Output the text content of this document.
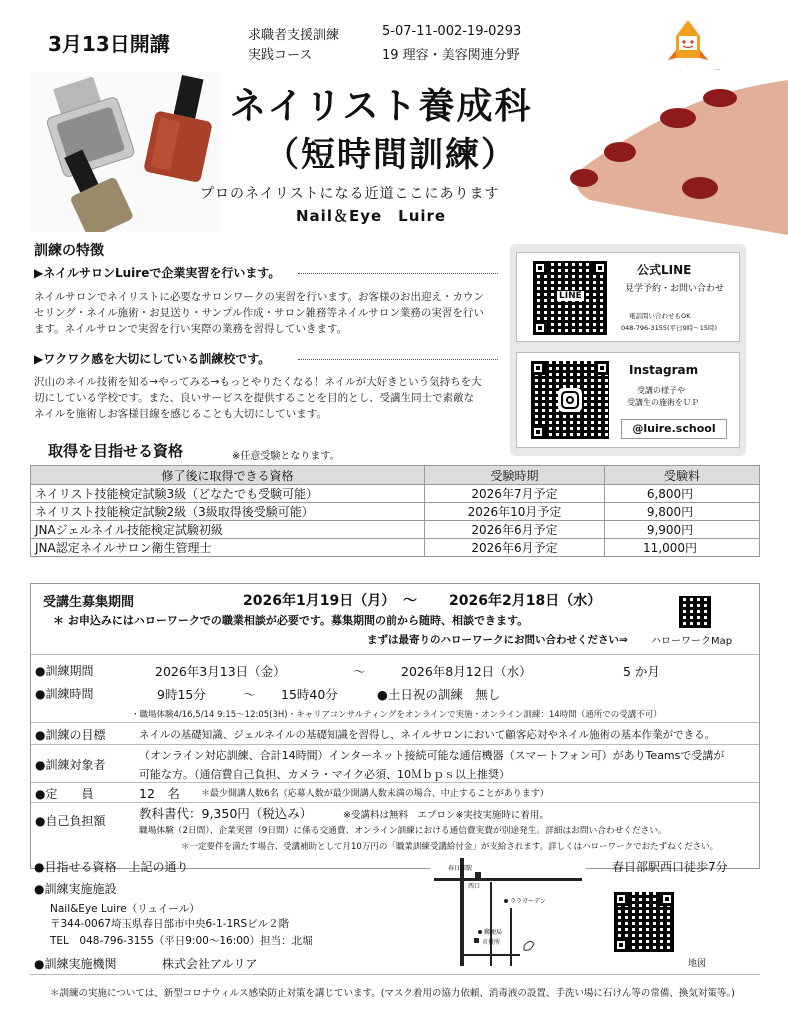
3月13日開講	求職者支援訓練	5-07-11-002-19-0293
実践コース	19 理容・美容関連分野
ネイリスト養成科
（短時間訓練）
プロのネイリストになる近道ここにあります
Nail＆Eye　Luire
訓練の特徴
▶ネイルサロンLuireで企業実習を行います。
ネイルサロンでネイリストに必要なサロンワークの実習を行います。お客様のお出迎え・カウン
セリング・ネイル施術・お見送り・サンプル作成・サロン雑務等ネイルサロン業務の実習を行い
ます。ネイルサロンで実習を行い実際の業務を習得していきます。
▶ワクワク感を大切にしている訓練校です。
沢山のネイル技術を知る→やってみる→もっとやりたくなる！ネイルが大好きという気持ちを大
切にしている学校です。また、良いサービスを提供することを目的とし、受講生同士で素敵な
ネイルを施術しお客様目線を感じることも大切にしています。
取得を目指せる資格	※任意受験となります。
LINE
公式LINE
見学予約・お問い合わせ
電話問い合わせもOK
048-796-3155(平日9時〜15時)
Instagram
受講の様子や
受講生の施術をＵＰ
@luire.school
修了後に取得できる資格	受験時期	受験料
ネイリスト技能検定試験3級（どなたでも受験可能）	2026年7月予定	6,800円
ネイリスト技能検定試験2級（3級取得後受験可能）	2026年10月予定	9,800円
JNAジェルネイル技能検定試験初級	2026年6月予定	9,900円
JNA認定ネイルサロン衛生管理士	2026年6月予定	11,000円
受講生募集期間	2026年1月19日（月） 〜 2026年2月18日（水）
＊ お申込みにはハローワークでの職業相談が必要です。募集期間の前から随時、相談できます。
まずは最寄りのハローワークにお問い合わせください⇒ ハローワークMap
●訓練期間	2026年3月13日（金）	〜	2026年8月12日（水）	5 か月
●訓練時間	9時15分	〜 15時40分	●土日祝の訓練　無し
・職場体験4/16,5/14 9:15〜12:05(3H)・キャリアコンサルティングをオンラインで実施・オンライン訓練：14時間（通所での受講不可）
●訓練の目標	ネイルの基礎知識、ジェルネイルの基礎知識を習得し、ネイルサロンにおいて顧客応対やネイル施術の基本作業ができる。
●訓練対象者
（オンライン対応訓練、合計14時間）インターネット接続可能な通信機器（スマートフォン可）がありTeamsで受講が
可能な方。（通信費自己負担、カメラ・マイク必須、10Ｍｂｐｓ以上推奨）
●定　　員	12　名 ＊最少開講人数6名（応募人数が最少開講人数未満の場合、中止することがあります）
●自己負担額	教科書代：9,350円（税込み）	※受講料は無料　エプロン※実技実施時に着用。
職場体験（2日間）、企業実習（9日間）に係る交通費、オンライン訓練における通信費実費が別途発生。詳細はお問い合わせください。
＊一定要件を満たす場合、受講補助として月10万円の「職業訓練受講給付金」が支給されます。詳しくはハローワークでおたずねください。
●目指せる資格　上記の通り
●訓練実施施設
Nail&Eye Luire（リュイール）
〒344-0067埼玉県春日部市中央6-1-1RSビル２階
TEL　048-796-3155（平日9:00〜16:00）担当：北堀
●訓練実施機関	株式会社アルリア
春日部駅
西口
ララガーデン
郵便局
市役所
春日部駅西口徒歩7分
地図
＊訓練の実施については、新型コロナウィルス感染防止対策を講じています。(マスク着用の協力依頼、消毒液の設置、手洗い場に石けん等の常備、換気対策等。)
